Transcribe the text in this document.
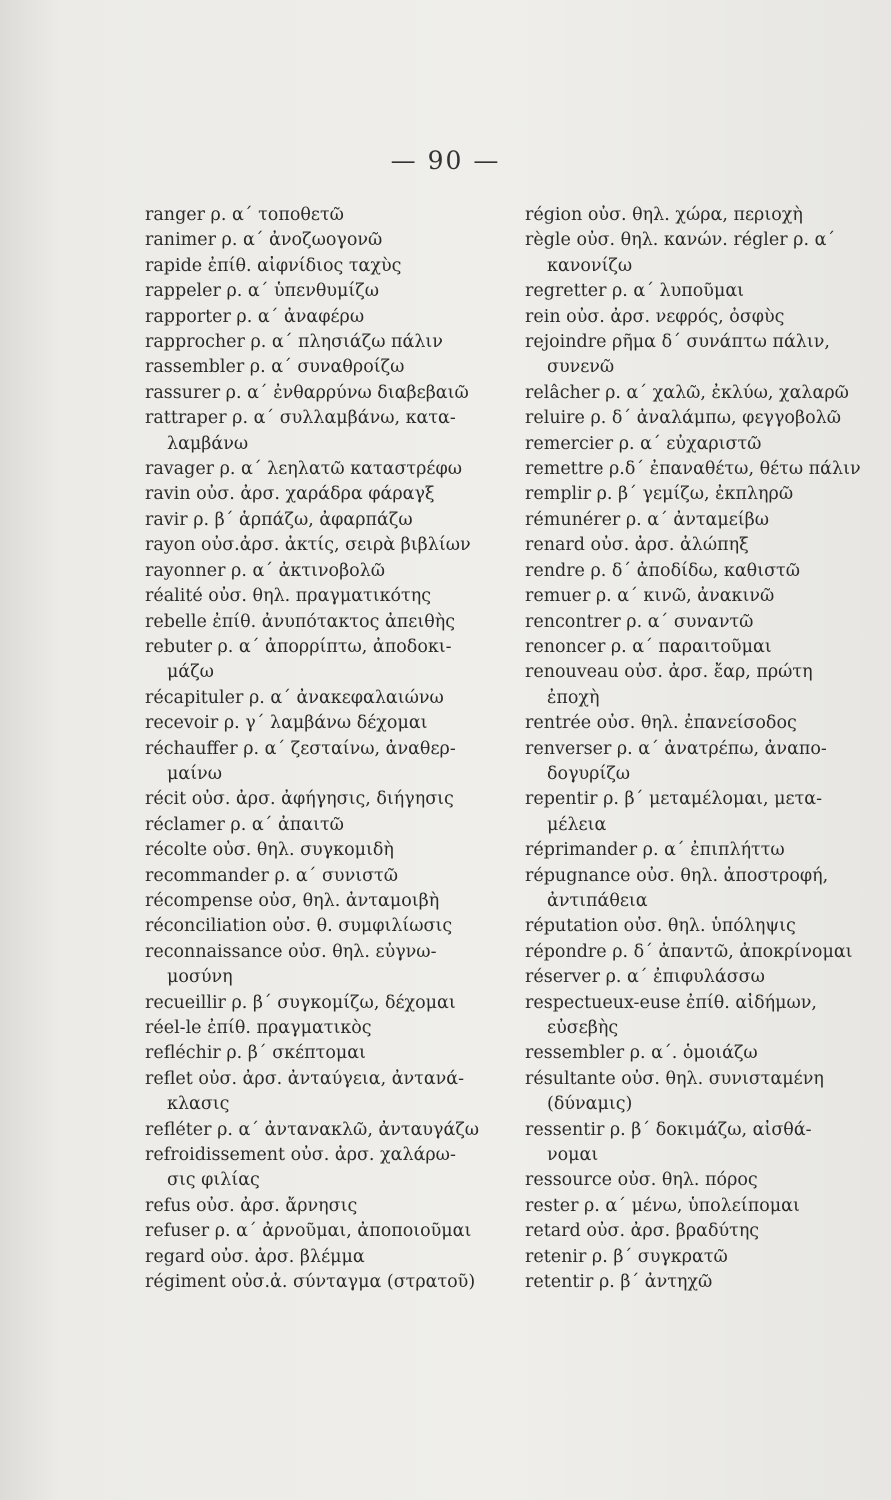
— 90 —
ranger ρ. α΄ τοποθετῶ
ranimer ρ. α΄ ἀνοζωογονῶ
rapide ἐπίθ. αἰφνίδιος ταχὺς
rappeler ρ. α΄ ὑπενθυμίζω
rapporter ρ. α΄ ἀναφέρω
rapprocher ρ. α΄ πλησιάζω πάλιν
rassembler ρ. α΄ συναθροίζω
rassurer ρ. α΄ ἐνθαρρύνω διαβεβαιῶ
rattraper ρ. α΄ συλλαμβάνω, κατα-
λαμβάνω
ravager ρ. α΄ λεηλατῶ καταστρέφω
ravin οὐσ. ἀρσ. χαράδρα φάραγξ
ravir ρ. β΄ ἁρπάζω, ἀφαρπάζω
rayon οὐσ.ἀρσ. ἀκτίς, σειρὰ βιβλίων
rayonner ρ. α΄ ἀκτινοβολῶ
réalité οὐσ. θηλ. πραγματικότης
rebelle ἐπίθ. ἀνυπότακτος ἀπειθὴς
rebuter ρ. α΄ ἀπορρίπτω, ἀποδοκι-
μάζω
récapituler ρ. α΄ ἀνακεφαλαιώνω
recevoir ρ. γ΄ λαμβάνω δέχομαι
réchauffer ρ. α΄ ζεσταίνω, ἀναθερ-
μαίνω
récit οὐσ. ἀρσ. ἀφήγησις, διήγησις
réclamer ρ. α΄ ἀπαιτῶ
récolte οὐσ. θηλ. συγκομιδὴ
recommander ρ. α΄ συνιστῶ
récompense οὐσ, θηλ. ἀνταμοιβὴ
réconciliation οὐσ. θ. συμφιλίωσις
reconnaissance οὐσ. θηλ. εὐγνω-
μοσύνη
recueillir ρ. β΄ συγκομίζω, δέχομαι
réel-le ἐπίθ. πραγματικὸς
refléchir ρ. β΄ σκέπτομαι
reflet οὐσ. ἀρσ. ἀνταύγεια, ἀντανά-
κλασις
refléter ρ. α΄ ἀντανακλῶ, ἀνταυγάζω
refroidissement οὐσ. ἀρσ. χαλάρω-
σις φιλίας
refus οὐσ. ἀρσ. ἄρνησις
refuser ρ. α΄ ἀρνοῦμαι, ἀποποιοῦμαι
regard οὐσ. ἀρσ. βλέμμα
régiment οὐσ.ἀ. σύνταγμα (στρατοῦ)
région οὐσ. θηλ. χώρα, περιοχὴ
règle οὐσ. θηλ. κανών. régler ρ. α΄
κανονίζω
regretter ρ. α΄ λυποῦμαι
rein οὐσ. ἀρσ. νεφρός, ὀσφὺς
rejoindre ρῆμα δ΄ συνάπτω πάλιν,
συνενῶ
relâcher ρ. α΄ χαλῶ, ἐκλύω, χαλαρῶ
reluire ρ. δ΄ ἀναλάμπω, φεγγοβολῶ
remercier ρ. α΄ εὐχαριστῶ
remettre ρ.δ΄ ἐπαναθέτω, θέτω πάλιν
remplir ρ. β΄ γεμίζω, ἐκπληρῶ
rémunérer ρ. α΄ ἀνταμείβω
renard οὐσ. ἀρσ. ἀλώπηξ
rendre ρ. δ΄ ἀποδίδω, καθιστῶ
remuer ρ. α΄ κινῶ, ἀνακινῶ
rencontrer ρ. α΄ συναντῶ
renoncer ρ. α΄ παραιτοῦμαι
renouveau οὐσ. ἀρσ. ἔαρ, πρώτη
ἐποχὴ
rentrée οὐσ. θηλ. ἐπανείσοδος
renverser ρ. α΄ ἀνατρέπω, ἀναπο-
δογυρίζω
repentir ρ. β΄ μεταμέλομαι, μετα-
μέλεια
réprimander ρ. α΄ ἐπιπλήττω
répugnance οὐσ. θηλ. ἀποστροφή,
ἀντιπάθεια
réputation οὐσ. θηλ. ὑπόληψις
répondre ρ. δ΄ ἀπαντῶ, ἀποκρίνομαι
réserver ρ. α΄ ἐπιφυλάσσω
respectueux-euse ἐπίθ. αἰδήμων,
εὐσεβὴς
ressembler ρ. α΄. ὁμοιάζω
résultante οὐσ. θηλ. συνισταμένη
(δύναμις)
ressentir ρ. β΄ δοκιμάζω, αἰσθά-
νομαι
ressource οὐσ. θηλ. πόρος
rester ρ. α΄ μένω, ὑπολείπομαι
retard οὐσ. ἀρσ. βραδύτης
retenir ρ. β΄ συγκρατῶ
retentir ρ. β΄ ἀντηχῶ
